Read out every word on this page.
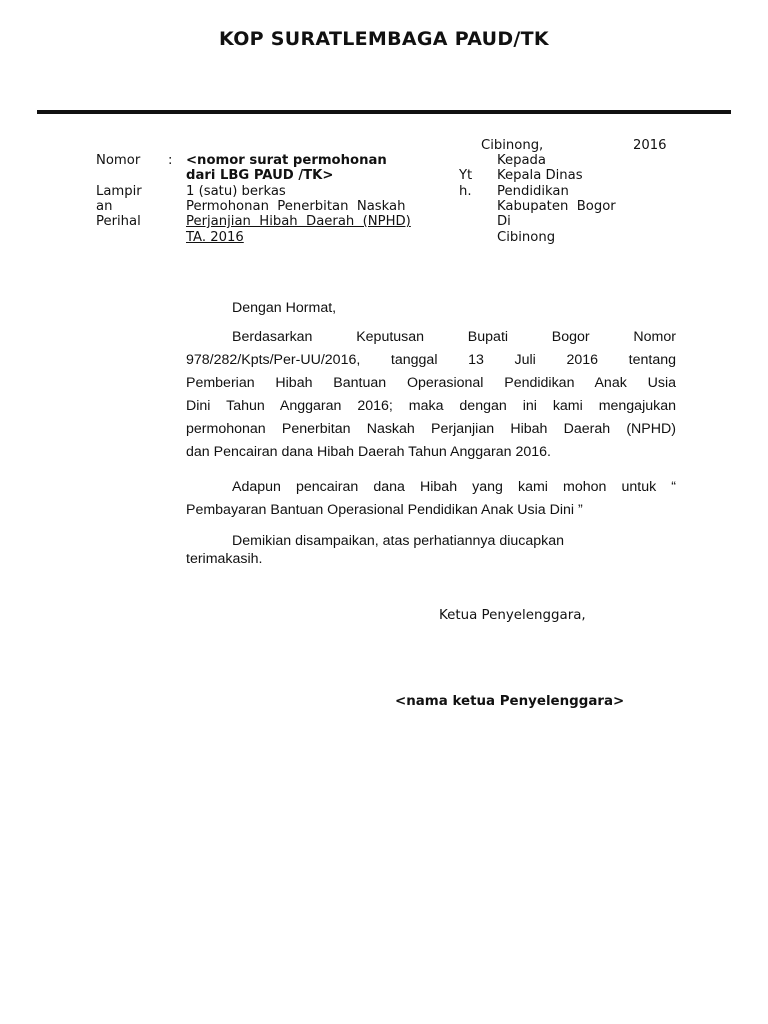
KOP SURATLEMBAGA PAUD/TK
Cibinong,	2016
Nomor : <nomor surat permohonan
dari LBG PAUD /TK>
Lampir
an
1 (satu) berkas
Perihal
Permohonan  Penerbitan  Naskah
Perjanjian  Hibah  Daerah  (NPHD)
TA. 2016
Yt
h.
Kepada
Kepala Dinas
Pendidikan
Kabupaten  Bogor
Di
Cibinong
Dengan Hormat,
Berdasarkan Keputusan Bupati Bogor Nomor
978/282/Kpts/Per-UU/2016, tanggal 13 Juli 2016 tentang
Pemberian Hibah Bantuan Operasional Pendidikan Anak Usia
Dini Tahun Anggaran 2016; maka dengan ini kami mengajukan
permohonan Penerbitan Naskah Perjanjian Hibah Daerah (NPHD)
dan Pencairan dana Hibah Daerah Tahun Anggaran 2016.
Adapun pencairan dana Hibah yang kami mohon untuk “
Pembayaran Bantuan Operasional Pendidikan Anak Usia Dini ”
Demikian disampaikan, atas perhatiannya diucapkan
terimakasih.
Ketua Penyelenggara,
<nama ketua Penyelenggara>
